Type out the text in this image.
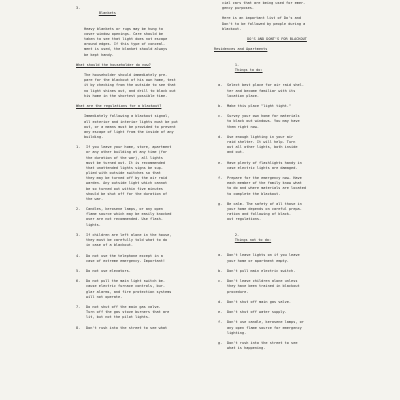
3.

Blankets

Heavy blankets or rugs may be hung to

cover window openings. Care should be

taken to see that light does not escape

around edges. If this type of conceal-

ment is used, the blanket should always

be kept handy.

What should the householder do now?

The householder should immediately pre-

pare for the blackout of his own home, test

it by checking from the outside to see that

no light shines out, and drill to black out

his home in the shortest possible time.

What are the regulations for a blackout?

Immediately following a blackout signal,

all exterior and interior lights must be put

out, or a means must be provided to prevent

any escape of light from the inside of any

building.

1. If you leave your home, store, apartment

or any other building at any time (for

the duration of the war), all lights

must be turned out. It is recommended

that unattended lights signs be sup-

plied with outside switches so that

they may be turned off by the air raid

warden. Any outside light which cannot

be so turned out within five minutes

should be shut off for the duration of

the war.

2. Candles, kerosene lamps, or any open

flame source which may be easily knocked

over are not recommended. Use flash-

lights.

3. If children are left alone in the house,

they must be carefully told what to do

in case of a blackout.

4. Do not use the telephone except in a

case of extreme emergency. Important!

5. Do not use elevators.

6. Do not pull the main light switch be-

cause electric furnace controls, bur-

glar alarms, and fire protection systems

will not operate.

7. Do not shut off the main gas valve.

Turn off the gas stove burners that are

lit, but not the pilot lights.

8. Don't rush into the street to see what

cial cars that are being used for emer-

gency purposes.

Here is an important list of Do's and

Don't to be followed by people during a

blackout.

DO'S AND DONT'S FOR BLACKOUT

Residences and Apartments

1.
Things to do:

a. Select best place for air raid shel-

ter and become familiar with its

location place.

b. Make this place "light tight."

c. Survey your own home for materials

to black out windows. You may have

them right now.

d. Use enough lighting in your air

raid shelter. It will help. Turn

out all other lights, both inside

and out.

e. Have plenty of flashlights handy in

case electric lights are damaged.

f. Prepare for the emergency now. Have

each member of the family know what

to do and where materials are located

to complete the blackout.

g. Be calm. The safety of all those in

your home depends on careful prepa-

ration and following of black-

out regulations.

2.
Things not to do:

a. Don't leave lights on if you leave

your home or apartment empty.

b. Don't pull main electric switch.

c. Don't leave children alone unless

they have been trained in blackout

procedure.

d. Don't shut off main gas valve.

e. Don't shut off water supply.

f. Don't use candle, kerosene lamps, or

any open flame source for emergency

lighting.

g. Don't rush into the street to see

what is happening.
